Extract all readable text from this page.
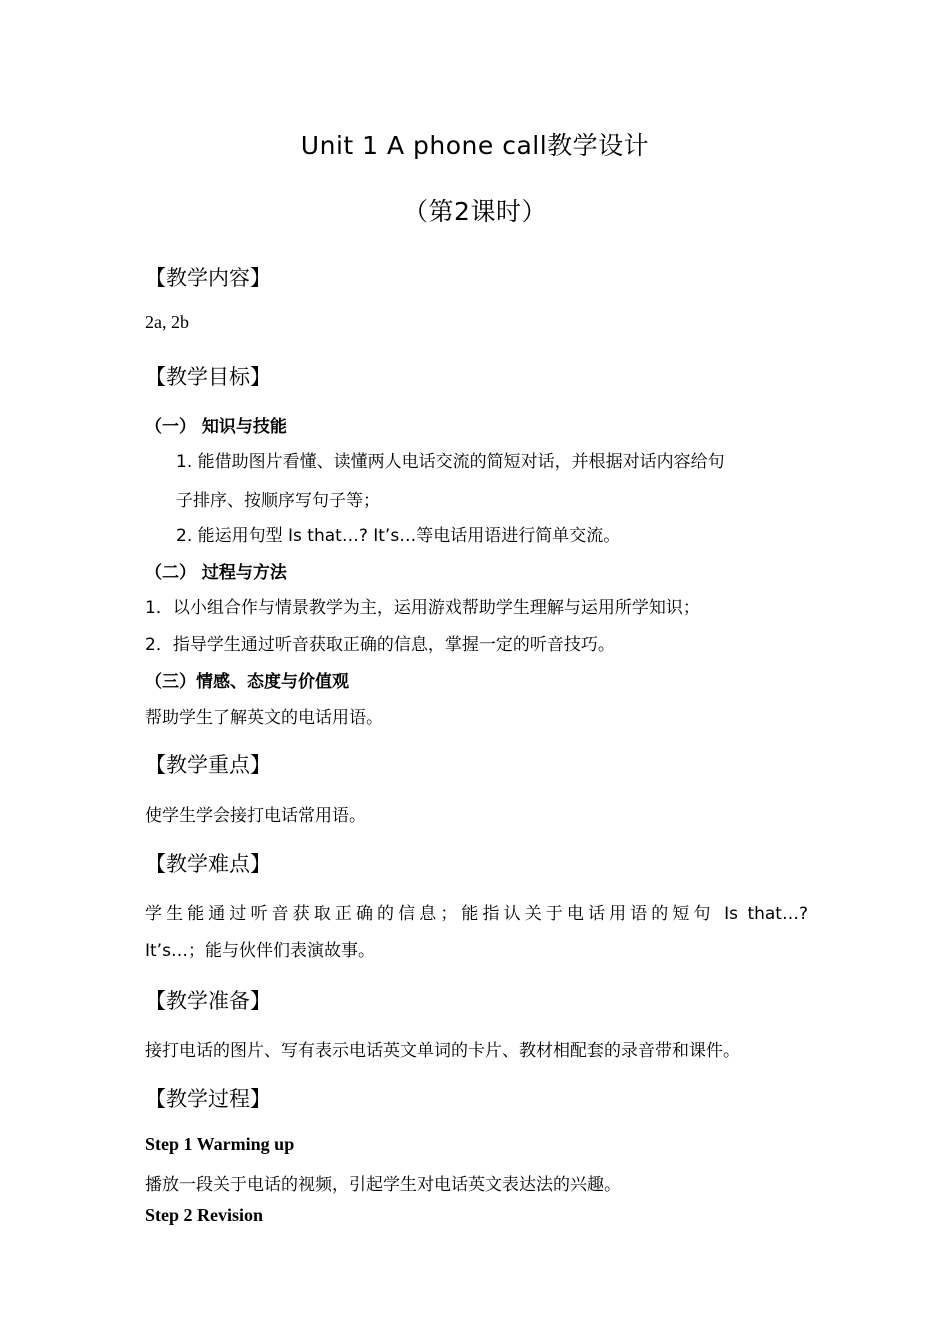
Unit 1 A phone call教学设计
（第2课时）
【教学内容】
2a, 2b
【教学目标】
（一） 知识与技能
1. 能借助图片看懂、读懂两人电话交流的简短对话，并根据对话内容给句
子排序、按顺序写句子等；
2. 能运用句型 Is that…? It’s…等电话用语进行简单交流。
（二） 过程与方法
1．以小组合作与情景教学为主，运用游戏帮助学生理解与运用所学知识；
2．指导学生通过听音获取正确的信息，掌握一定的听音技巧。
（三）情感、态度与价值观
帮助学生了解英文的电话用语。
【教学重点】
使学生学会接打电话常用语。
【教学难点】
学生能通过听音获取正确的信息；能指认关于电话用语的短句 Is that…?
It’s…；能与伙伴们表演故事。
【教学准备】
接打电话的图片、写有表示电话英文单词的卡片、教材相配套的录音带和课件。
【教学过程】
Step 1 Warming up
播放一段关于电话的视频，引起学生对电话英文表达法的兴趣。
Step 2 Revision
